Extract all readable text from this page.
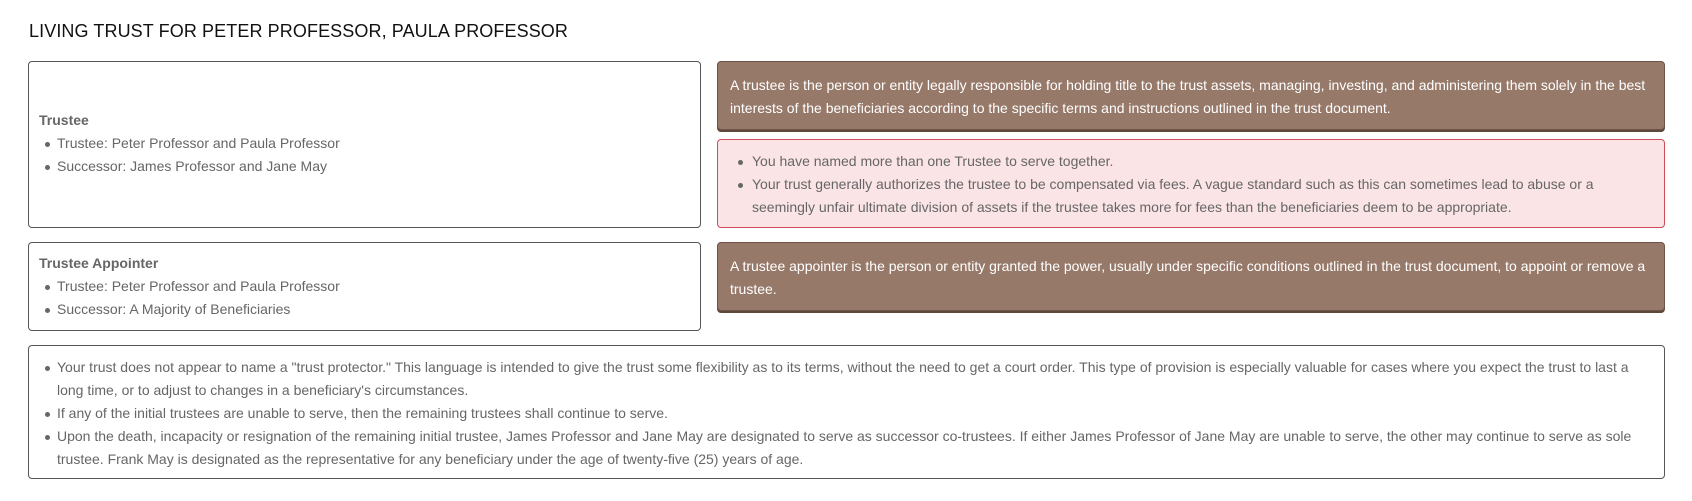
LIVING TRUST FOR PETER PROFESSOR, PAULA PROFESSOR
Trustee
Trustee: Peter Professor and Paula Professor
Successor: James Professor and Jane May
A trustee is the person or entity legally responsible for holding title to the trust assets, managing, investing, and administering them solely in the best interests of the beneficiaries according to the specific terms and instructions outlined in the trust document.
You have named more than one Trustee to serve together.
Your trust generally authorizes the trustee to be compensated via fees. A vague standard such as this can sometimes lead to abuse or a seemingly unfair ultimate division of assets if the trustee takes more for fees than the beneficiaries deem to be appropriate.
Trustee Appointer
Trustee: Peter Professor and Paula Professor
Successor: A Majority of Beneficiaries
A trustee appointer is the person or entity granted the power, usually under specific conditions outlined in the trust document, to appoint or remove a trustee.
Your trust does not appear to name a "trust protector." This language is intended to give the trust some flexibility as to its terms, without the need to get a court order. This type of provision is especially valuable for cases where you expect the trust to last a long time, or to adjust to changes in a beneficiary's circumstances.
If any of the initial trustees are unable to serve, then the remaining trustees shall continue to serve.
Upon the death, incapacity or resignation of the remaining initial trustee, James Professor and Jane May are designated to serve as successor co-trustees. If either James Professor of Jane May are unable to serve, the other may continue to serve as sole trustee. Frank May is designated as the representative for any beneficiary under the age of twenty-five (25) years of age.
